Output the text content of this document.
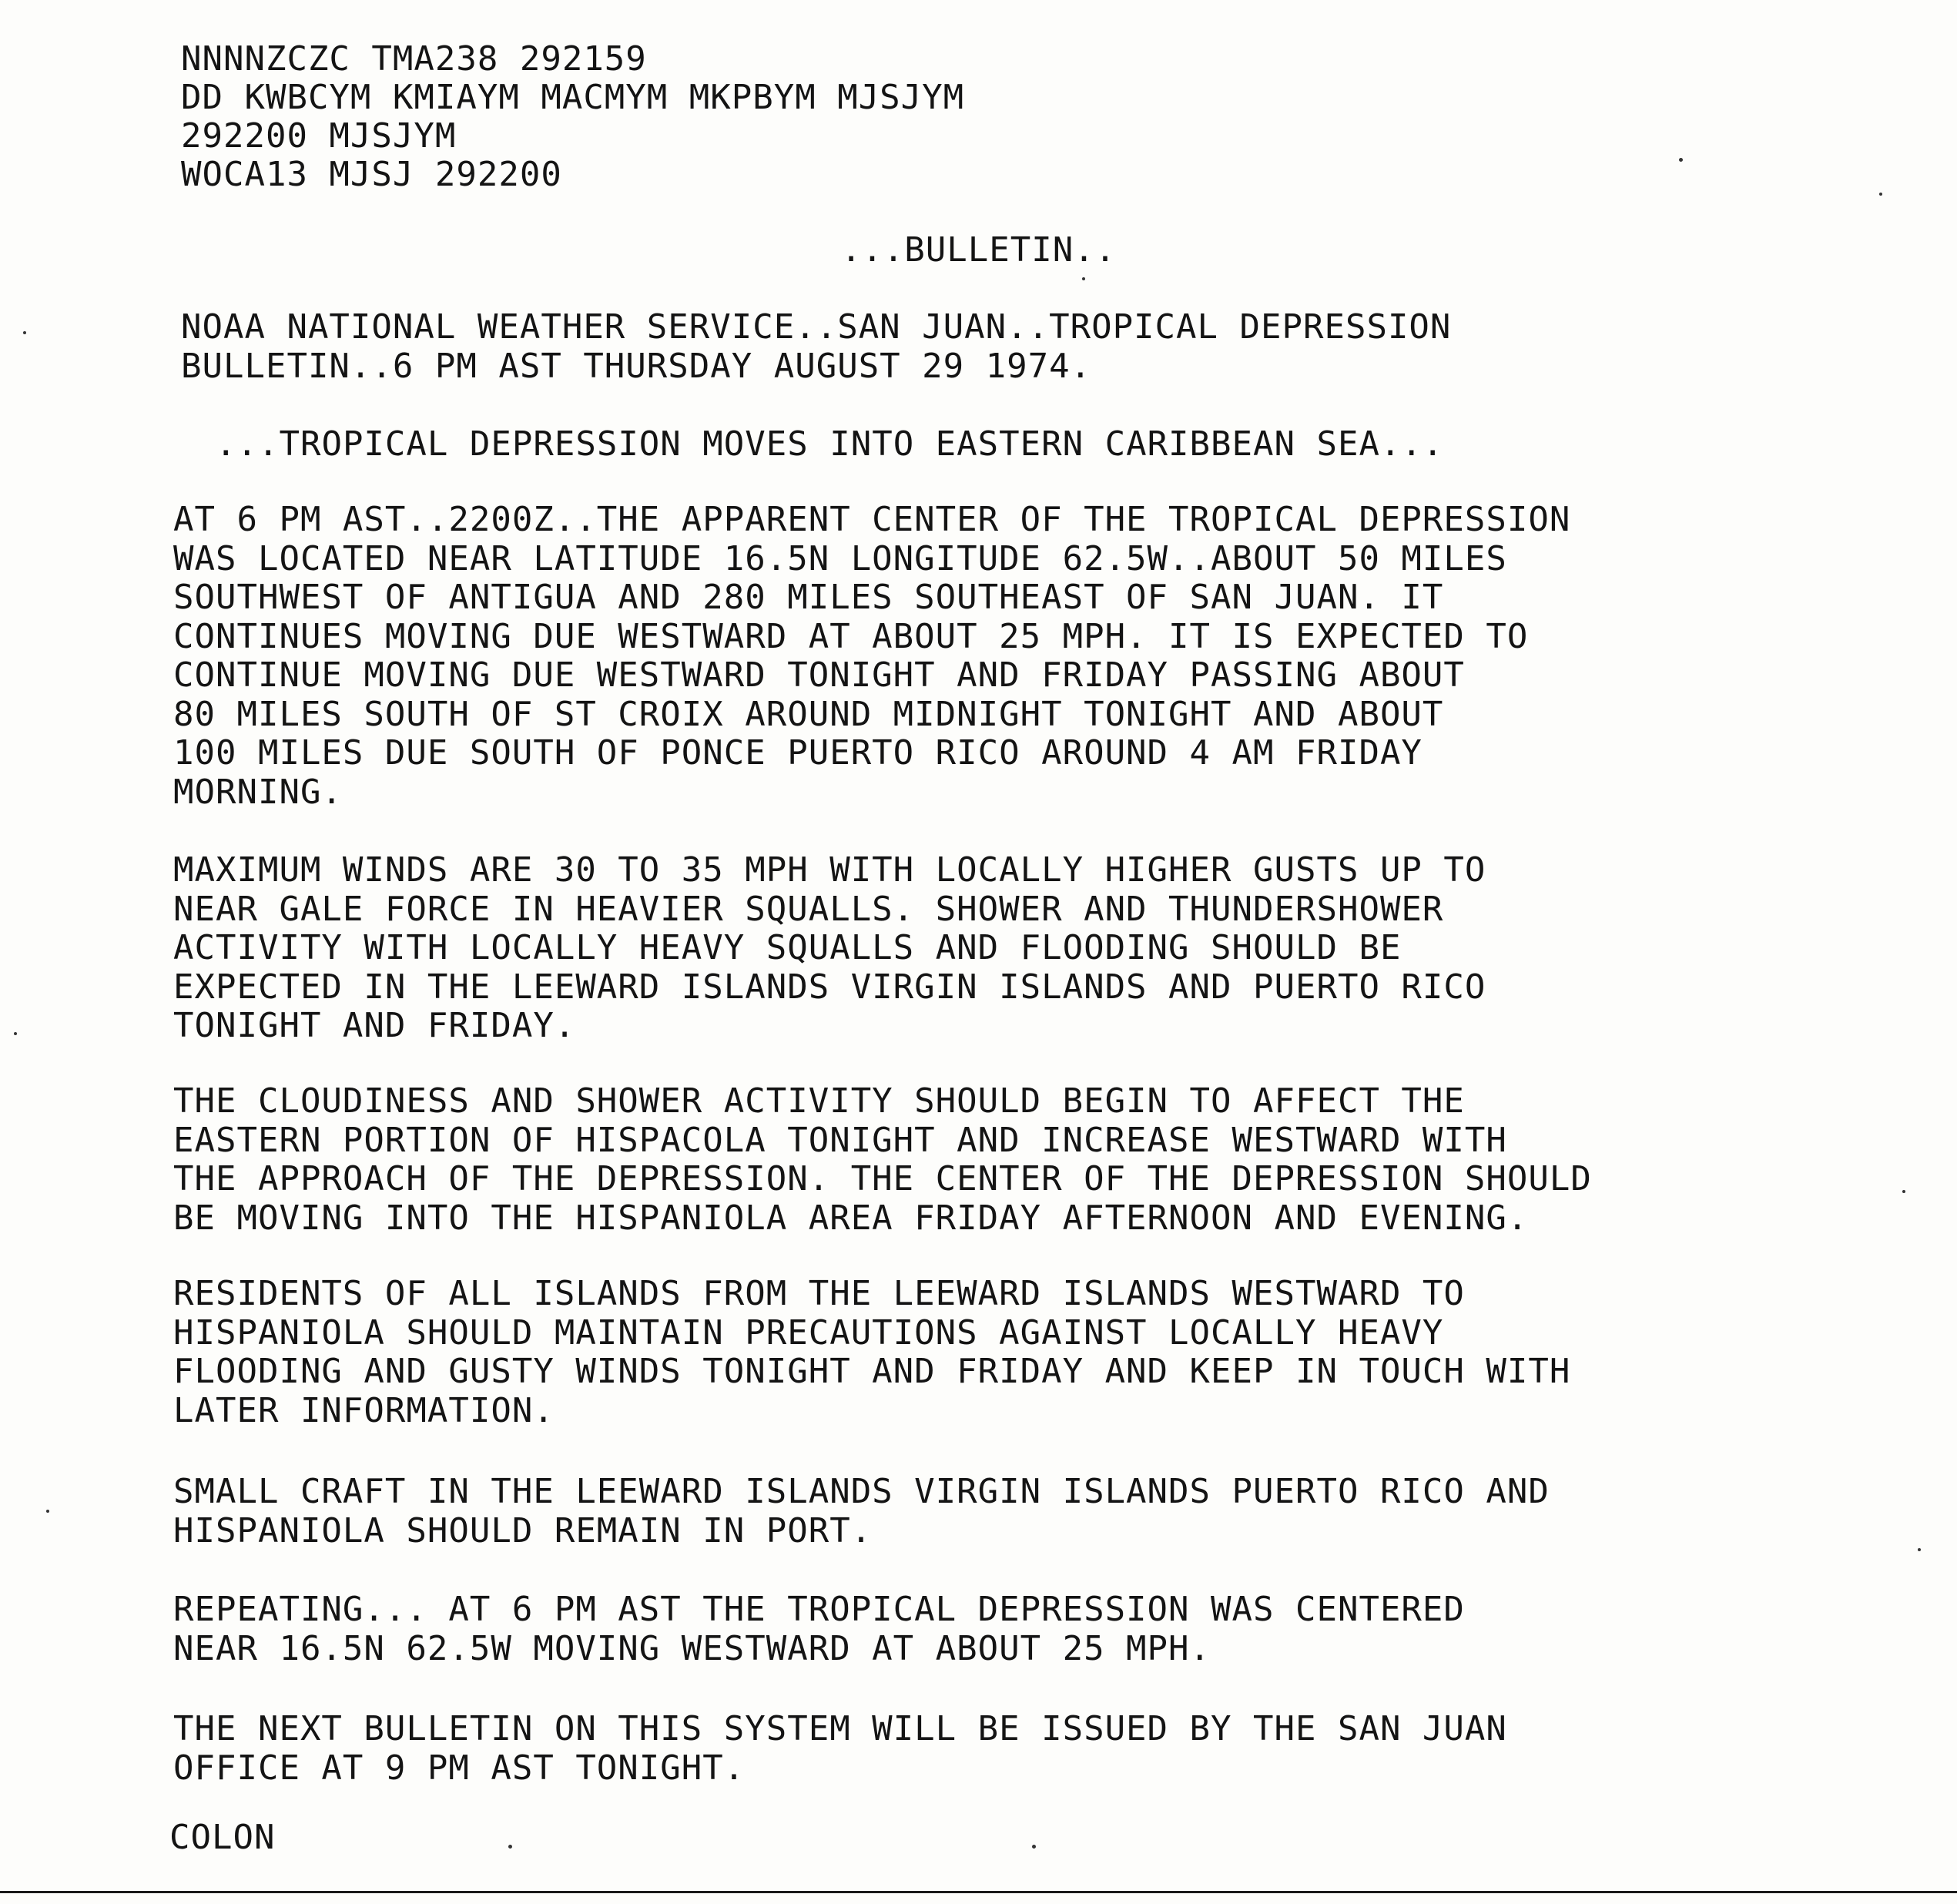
NNNNZCZC TMA238 292159
DD KWBCYM KMIAYM MACMYM MKPBYM MJSJYM
292200 MJSJYM
WOCA13 MJSJ 292200
...BULLETIN..
NOAA NATIONAL WEATHER SERVICE..SAN JUAN..TROPICAL DEPRESSION
BULLETIN..6 PM AST THURSDAY AUGUST 29 1974.
...TROPICAL DEPRESSION MOVES INTO EASTERN CARIBBEAN SEA...
AT 6 PM AST..2200Z..THE APPARENT CENTER OF THE TROPICAL DEPRESSION
WAS LOCATED NEAR LATITUDE 16.5N LONGITUDE 62.5W..ABOUT 50 MILES
SOUTHWEST OF ANTIGUA AND 280 MILES SOUTHEAST OF SAN JUAN. IT
CONTINUES MOVING DUE WESTWARD AT ABOUT 25 MPH. IT IS EXPECTED TO
CONTINUE MOVING DUE WESTWARD TONIGHT AND FRIDAY PASSING ABOUT
80 MILES SOUTH OF ST CROIX AROUND MIDNIGHT TONIGHT AND ABOUT
100 MILES DUE SOUTH OF PONCE PUERTO RICO AROUND 4 AM FRIDAY
MORNING.
MAXIMUM WINDS ARE 30 TO 35 MPH WITH LOCALLY HIGHER GUSTS UP TO
NEAR GALE FORCE IN HEAVIER SQUALLS. SHOWER AND THUNDERSHOWER
ACTIVITY WITH LOCALLY HEAVY SQUALLS AND FLOODING SHOULD BE
EXPECTED IN THE LEEWARD ISLANDS VIRGIN ISLANDS AND PUERTO RICO
TONIGHT AND FRIDAY.
THE CLOUDINESS AND SHOWER ACTIVITY SHOULD BEGIN TO AFFECT THE
EASTERN PORTION OF HISPACOLA TONIGHT AND INCREASE WESTWARD WITH
THE APPROACH OF THE DEPRESSION. THE CENTER OF THE DEPRESSION SHOULD
BE MOVING INTO THE HISPANIOLA AREA FRIDAY AFTERNOON AND EVENING.
RESIDENTS OF ALL ISLANDS FROM THE LEEWARD ISLANDS WESTWARD TO
HISPANIOLA SHOULD MAINTAIN PRECAUTIONS AGAINST LOCALLY HEAVY
FLOODING AND GUSTY WINDS TONIGHT AND FRIDAY AND KEEP IN TOUCH WITH
LATER INFORMATION.
SMALL CRAFT IN THE LEEWARD ISLANDS VIRGIN ISLANDS PUERTO RICO AND
HISPANIOLA SHOULD REMAIN IN PORT.
REPEATING... AT 6 PM AST THE TROPICAL DEPRESSION WAS CENTERED
NEAR 16.5N 62.5W MOVING WESTWARD AT ABOUT 25 MPH.
THE NEXT BULLETIN ON THIS SYSTEM WILL BE ISSUED BY THE SAN JUAN
OFFICE AT 9 PM AST TONIGHT.
COLON
